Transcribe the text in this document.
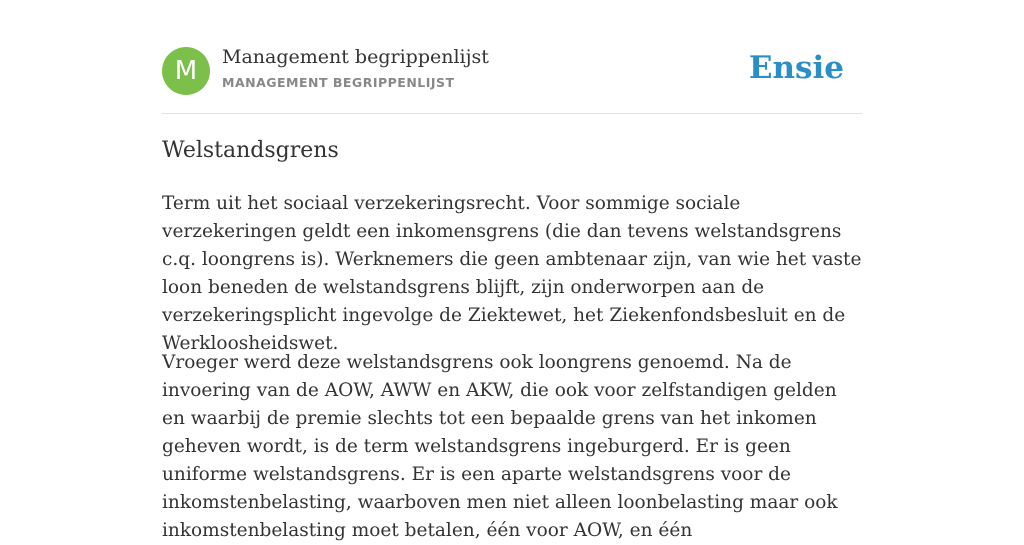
M	Management begrippenlijst
MANAGEMENT BEGRIPPENLIJST	Ensie
Welstandsgrens

Term uit het sociaal verzekeringsrecht. Voor sommige sociale verzekeringen geldt een inkomensgrens (die dan tevens welstandsgrens c.q. loongrens is). Werknemers die geen ambtenaar zijn, van wie het vaste loon beneden de welstandsgrens blijft, zijn onderworpen aan de verzekeringsplicht ingevolge de Ziektewet, het Ziekenfondsbesluit en de Werkloosheidswet.

Vroeger werd deze welstandsgrens ook loongrens genoemd. Na de invoering van de AOW, AWW en AKW, die ook voor zelfstandigen gelden en waarbij de premie slechts tot een bepaalde grens van het inkomen geheven wordt, is de term welstandsgrens ingeburgerd. Er is geen uniforme welstandsgrens. Er is een aparte welstandsgrens voor de inkomstenbelasting, waarboven men niet alleen loonbelasting maar ook inkomstenbelasting moet betalen, één voor AOW, en één
